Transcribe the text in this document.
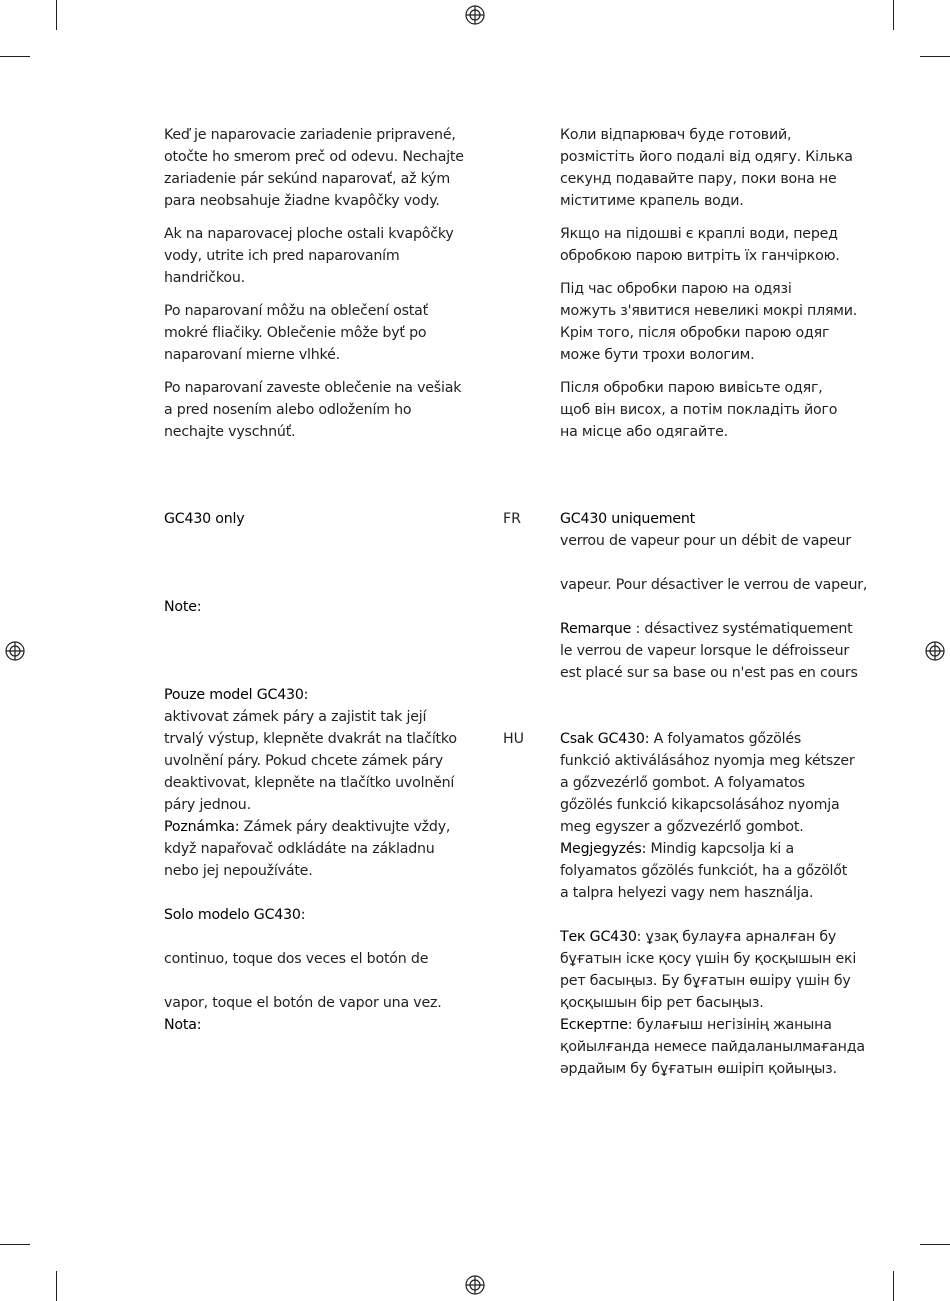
Keď je naparovacie zariadenie pripravené,
otočte ho smerom preč od odevu. Nechajte
zariadenie pár sekúnd naparovať, až kým
para neobsahuje žiadne kvapôčky vody.

Ak na naparovacej ploche ostali kvapôčky
vody, utrite ich pred naparovaním
handričkou.

Po naparovaní môžu na oblečení ostať
mokré fliačiky. Oblečenie môže byť po
naparovaní mierne vlhké.

Po naparovaní zaveste oblečenie na vešiak
a pred nosením alebo odložením ho
nechajte vyschnúť.

Коли відпарювач буде готовий,
розмістіть його подалі від одягу. Кілька
секунд подавайте пару, поки вона не
міститиме крапель води.

Якщо на підошві є краплі води, перед
обробкою парою витріть їх ганчіркою.

Під час обробки парою на одязі
можуть з'явитися невеликі мокрі плями.
Крім того, після обробки парою одяг
може бути трохи вологим.

Після обробки парою вивісьте одяг,
щоб він висох, а потім покладіть його
на місце або одягайте.

GC430 only
Note:
Pouze model GC430:
aktivovat zámek páry a zajistit tak její
trvalý výstup, klepněte dvakrát na tlačítko
uvolnění páry. Pokud chcete zámek páry
deaktivovat, klepněte na tlačítko uvolnění
páry jednou.
Poznámka: Zámek páry deaktivujte vždy,
když napařovač odkládáte na základnu
nebo jej nepoužíváte.
Solo modelo GC430:

continuo, toque dos veces el botón de

vapor, toque el botón de vapor una vez.
Nota:
FR
HU
GC430 uniquement
verrou de vapeur pour un débit de vapeur

vapeur. Pour désactiver le verrou de vapeur,

Remarque : désactivez systématiquement
le verrou de vapeur lorsque le défroisseur
est placé sur sa base ou n'est pas en cours
Csak GC430: A folyamatos gőzölés
funkció aktiválásához nyomja meg kétszer
a gőzvezérlő gombot. A folyamatos
gőzölés funkció kikapcsolásához nyomja
meg egyszer a gőzvezérlő gombot.
Megjegyzés: Mindig kapcsolja ki a
folyamatos gőzölés funkciót, ha a gőzölőt
a talpra helyezi vagy nem használja.
Тек GC430: ұзақ булауға арналған бу
бұғатын іске қосу үшін бу қосқышын екі
рет басыңыз. Бу бұғатын өшіру үшін бу
қосқышын бір рет басыңыз.
Ескертпе: булағыш негізінің жанына
қойылғанда немесе пайдаланылмағанда
әрдайым бу бұғатын өшіріп қойыңыз.
